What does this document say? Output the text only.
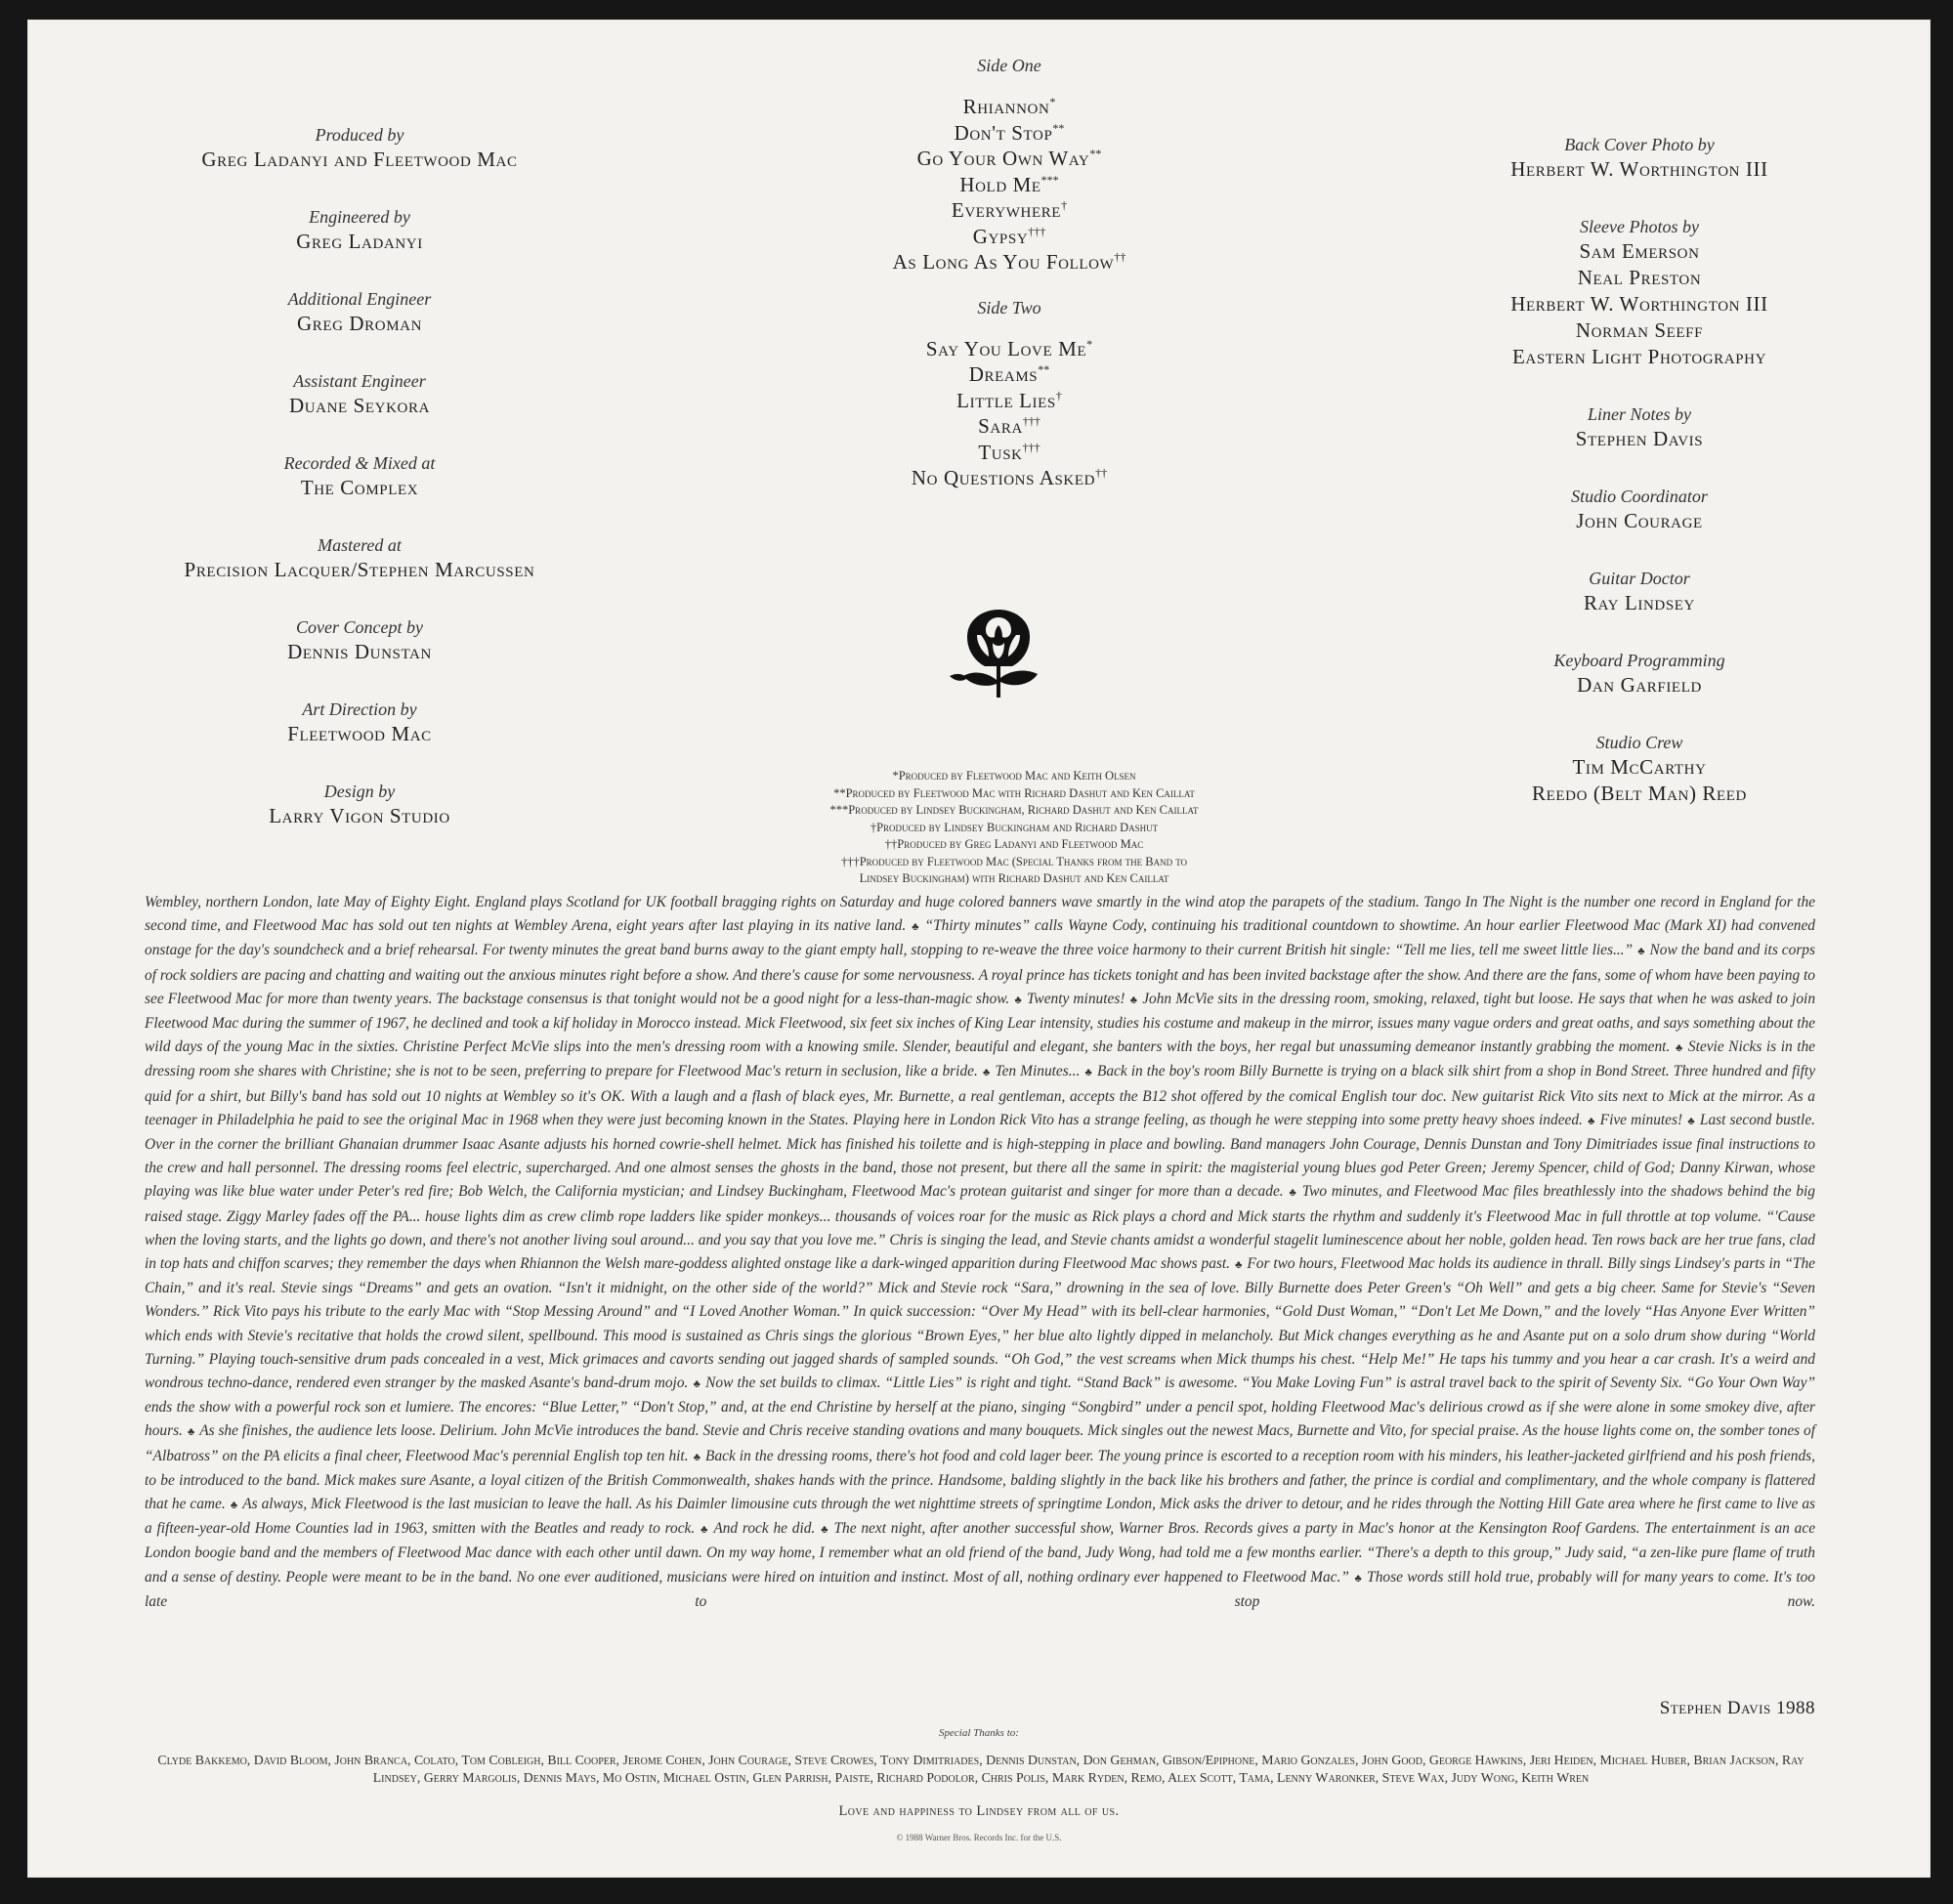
Produced by
Greg Ladanyi and Fleetwood Mac
Engineered by
Greg Ladanyi
Additional Engineer
Greg Droman
Assistant Engineer
Duane Seykora
Recorded & Mixed at
The Complex
Mastered at
Precision Lacquer/Stephen Marcussen
Cover Concept by
Dennis Dunstan
Art Direction by
Fleetwood Mac
Design by
Larry Vigon Studio
Side One
Rhiannon*
Don't Stop**
Go Your Own Way**
Hold Me***
Everywhere†
Gypsy†††
As Long As You Follow††
Side Two
Say You Love Me*
Dreams**
Little Lies†
Sara†††
Tusk†††
No Questions Asked††
*Produced by Fleetwood Mac and Keith Olsen
**Produced by Fleetwood Mac with Richard Dashut and Ken Caillat
***Produced by Lindsey Buckingham, Richard Dashut and Ken Caillat
†Produced by Lindsey Buckingham and Richard Dashut
††Produced by Greg Ladanyi and Fleetwood Mac
†††Produced by Fleetwood Mac (Special Thanks from the Band to
Lindsey Buckingham) with Richard Dashut and Ken Caillat
Back Cover Photo by
Herbert W. Worthington III
Sleeve Photos by
Sam Emerson
Neal Preston
Herbert W. Worthington III
Norman Seeff
Eastern Light Photography
Liner Notes by
Stephen Davis
Studio Coordinator
John Courage
Guitar Doctor
Ray Lindsey
Keyboard Programming
Dan Garfield
Studio Crew
Tim McCarthy
Reedo (Belt Man) Reed
Wembley, northern London, late May of Eighty Eight. England plays Scotland for UK football bragging rights on Saturday and huge colored banners wave smartly in the wind atop the parapets of the stadium. Tango In The Night is the number one record in England for the second time, and Fleetwood Mac has sold out ten nights at Wembley Arena, eight years after last playing in its native land. ♣ “Thirty minutes” calls Wayne Cody, continuing his traditional countdown to showtime. An hour earlier Fleetwood Mac (Mark XI) had convened onstage for the day's soundcheck and a brief rehearsal. For twenty minutes the great band burns away to the giant empty hall, stopping to re-weave the three voice harmony to their current British hit single: “Tell me lies, tell me sweet little lies...” ♣ Now the band and its corps of rock soldiers are pacing and chatting and waiting out the anxious minutes right before a show. And there's cause for some nervousness. A royal prince has tickets tonight and has been invited backstage after the show. And there are the fans, some of whom have been paying to see Fleetwood Mac for more than twenty years. The backstage consensus is that tonight would not be a good night for a less-than-magic show. ♣ Twenty minutes! ♣ John McVie sits in the dressing room, smoking, relaxed, tight but loose. He says that when he was asked to join Fleetwood Mac during the summer of 1967, he declined and took a kif holiday in Morocco instead. Mick Fleetwood, six feet six inches of King Lear intensity, studies his costume and makeup in the mirror, issues many vague orders and great oaths, and says something about the wild days of the young Mac in the sixties. Christine Perfect McVie slips into the men's dressing room with a knowing smile. Slender, beautiful and elegant, she banters with the boys, her regal but unassuming demeanor instantly grabbing the moment. ♣ Stevie Nicks is in the dressing room she shares with Christine; she is not to be seen, preferring to prepare for Fleetwood Mac's return in seclusion, like a bride. ♣ Ten Minutes... ♣ Back in the boy's room Billy Burnette is trying on a black silk shirt from a shop in Bond Street. Three hundred and fifty quid for a shirt, but Billy's band has sold out 10 nights at Wembley so it's OK. With a laugh and a flash of black eyes, Mr. Burnette, a real gentleman, accepts the B12 shot offered by the comical English tour doc. New guitarist Rick Vito sits next to Mick at the mirror. As a teenager in Philadelphia he paid to see the original Mac in 1968 when they were just becoming known in the States. Playing here in London Rick Vito has a strange feeling, as though he were stepping into some pretty heavy shoes indeed. ♣ Five minutes! ♣ Last second bustle. Over in the corner the brilliant Ghanaian drummer Isaac Asante adjusts his horned cowrie-shell helmet. Mick has finished his toilette and is high-stepping in place and bowling. Band managers John Courage, Dennis Dunstan and Tony Dimitriades issue final instructions to the crew and hall personnel. The dressing rooms feel electric, supercharged. And one almost senses the ghosts in the band, those not present, but there all the same in spirit: the magisterial young blues god Peter Green; Jeremy Spencer, child of God; Danny Kirwan, whose playing was like blue water under Peter's red fire; Bob Welch, the California mystician; and Lindsey Buckingham, Fleetwood Mac's protean guitarist and singer for more than a decade. ♣ Two minutes, and Fleetwood Mac files breathlessly into the shadows behind the big raised stage. Ziggy Marley fades off the PA... house lights dim as crew climb rope ladders like spider monkeys... thousands of voices roar for the music as Rick plays a chord and Mick starts the rhythm and suddenly it's Fleetwood Mac in full throttle at top volume. “'Cause when the loving starts, and the lights go down, and there's not another living soul around... and you say that you love me.” Chris is singing the lead, and Stevie chants amidst a wonderful stagelit luminescence about her noble, golden head. Ten rows back are her true fans, clad in top hats and chiffon scarves; they remember the days when Rhiannon the Welsh mare-goddess alighted onstage like a dark-winged apparition during Fleetwood Mac shows past. ♣ For two hours, Fleetwood Mac holds its audience in thrall. Billy sings Lindsey's parts in “The Chain,” and it's real. Stevie sings “Dreams” and gets an ovation. “Isn't it midnight, on the other side of the world?” Mick and Stevie rock “Sara,” drowning in the sea of love. Billy Burnette does Peter Green's “Oh Well” and gets a big cheer. Same for Stevie's “Seven Wonders.” Rick Vito pays his tribute to the early Mac with “Stop Messing Around” and “I Loved Another Woman.” In quick succession: “Over My Head” with its bell-clear harmonies, “Gold Dust Woman,” “Don't Let Me Down,” and the lovely “Has Anyone Ever Written” which ends with Stevie's recitative that holds the crowd silent, spellbound. This mood is sustained as Chris sings the glorious “Brown Eyes,” her blue alto lightly dipped in melancholy. But Mick changes everything as he and Asante put on a solo drum show during “World Turning.” Playing touch-sensitive drum pads concealed in a vest, Mick grimaces and cavorts sending out jagged shards of sampled sounds. “Oh God,” the vest screams when Mick thumps his chest. “Help Me!” He taps his tummy and you hear a car crash. It's a weird and wondrous techno-dance, rendered even stranger by the masked Asante's band-drum mojo. ♣ Now the set builds to climax. “Little Lies” is right and tight. “Stand Back” is awesome. “You Make Loving Fun” is astral travel back to the spirit of Seventy Six. “Go Your Own Way” ends the show with a powerful rock son et lumiere. The encores: “Blue Letter,” “Don't Stop,” and, at the end Christine by herself at the piano, singing “Songbird” under a pencil spot, holding Fleetwood Mac's delirious crowd as if she were alone in some smokey dive, after hours. ♣ As she finishes, the audience lets loose. Delirium. John McVie introduces the band. Stevie and Chris receive standing ovations and many bouquets. Mick singles out the newest Macs, Burnette and Vito, for special praise. As the house lights come on, the somber tones of “Albatross” on the PA elicits a final cheer, Fleetwood Mac's perennial English top ten hit. ♣ Back in the dressing rooms, there's hot food and cold lager beer. The young prince is escorted to a reception room with his minders, his leather-jacketed girlfriend and his posh friends, to be introduced to the band. Mick makes sure Asante, a loyal citizen of the British Commonwealth, shakes hands with the prince. Handsome, balding slightly in the back like his brothers and father, the prince is cordial and complimentary, and the whole company is flattered that he came. ♣ As always, Mick Fleetwood is the last musician to leave the hall. As his Daimler limousine cuts through the wet nighttime streets of springtime London, Mick asks the driver to detour, and he rides through the Notting Hill Gate area where he first came to live as a fifteen-year-old Home Counties lad in 1963, smitten with the Beatles and ready to rock. ♣ And rock he did. ♣ The next night, after another successful show, Warner Bros. Records gives a party in Mac's honor at the Kensington Roof Gardens. The entertainment is an ace London boogie band and the members of Fleetwood Mac dance with each other until dawn. On my way home, I remember what an old friend of the band, Judy Wong, had told me a few months earlier. “There's a depth to this group,” Judy said, “a zen-like pure flame of truth and a sense of destiny. People were meant to be in the band. No one ever auditioned, musicians were hired on intuition and instinct. Most of all, nothing ordinary ever happened to Fleetwood Mac.” ♣ Those words still hold true, probably will for many years to come. It's too late to stop now.
Stephen Davis 1988
Special Thanks to:
Clyde Bakkemo, David Bloom, John Branca, Colato, Tom Cobleigh, Bill Cooper, Jerome Cohen, John Courage, Steve Crowes, Tony Dimitriades, Dennis Dunstan, Don Gehman, Gibson/Epiphone, Mario Gonzales, John Good, George Hawkins, Jeri Heiden, Michael Huber, Brian Jackson, Ray Lindsey, Gerry Margolis, Dennis Mays, Mo Ostin, Michael Ostin, Glen Parrish, Paiste, Richard Podolor, Chris Polis, Mark Ryden, Remo, Alex Scott, Tama, Lenny Waronker, Steve Wax, Judy Wong, Keith Wren
Love and happiness to Lindsey from all of us.
© 1988 Warner Bros. Records Inc. for the U.S.
